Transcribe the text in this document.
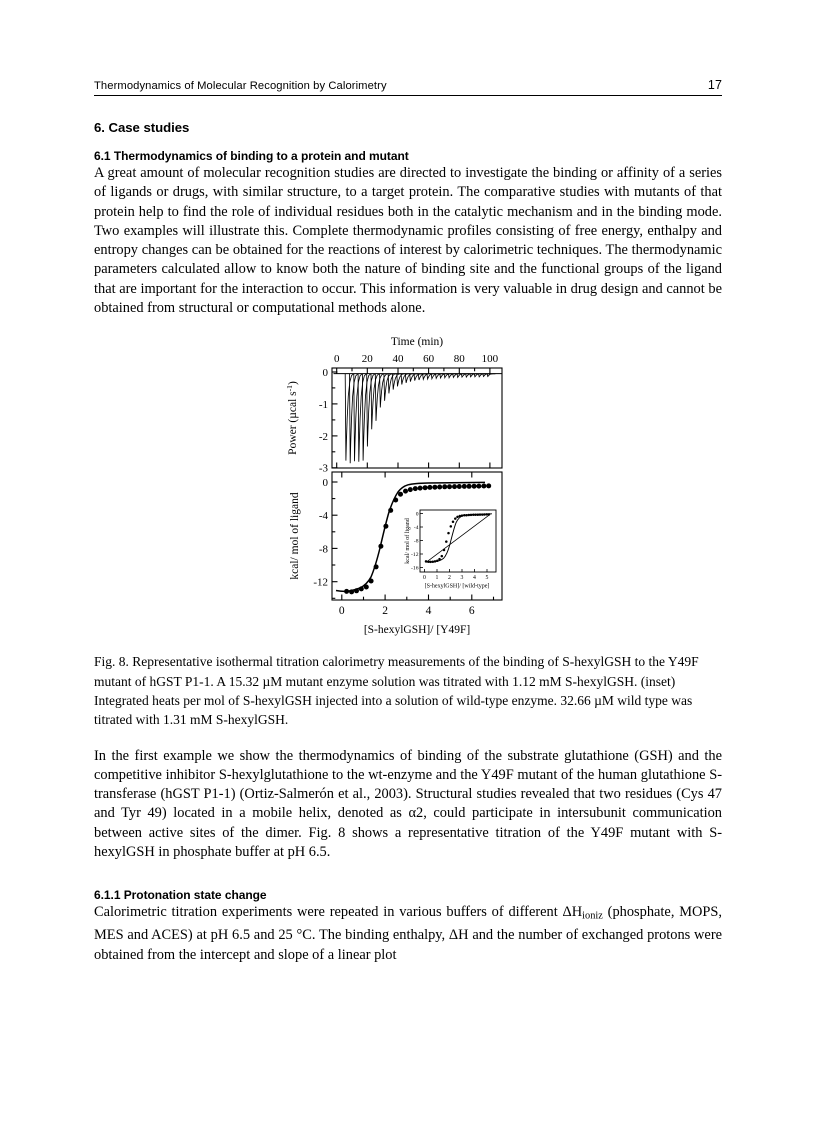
Thermodynamics of Molecular Recognition by Calorimetry	17
6. Case studies
6.1 Thermodynamics of binding to a protein and mutant

A great amount of molecular recognition studies are directed to investigate the binding or affinity of a series of ligands or drugs, with similar structure, to a target protein. The comparative studies with mutants of that protein help to find the role of individual residues both in the catalytic mechanism and in the binding mode. Two examples will illustrate this. Complete thermodynamic profiles consisting of free energy, enthalpy and entropy changes can be obtained for the reactions of interest by calorimetric techniques. The thermodynamic parameters calculated allow to know both the nature of binding site and the functional groups of the ligand that are important for the interaction to occur. This information is very valuable in drug design and cannot be obtained from structural or computational methods alone.

Time (min)
0 20 40 60 80 100
0
-1
-2
-3
Power (µcal $s^{-1}$)
0
-4
-8
-12
0	2	4	6
kcal/ mol of ligand
[S-hexylGSH]/ [Y49F]
0
-4
-8
-12
-16
0 1 2 3 4 5
[S-hexylGSH]/ [wild-type]
kcal/ mol of ligand

Fig. 8. Representative isothermal titration calorimetry measurements of the binding of S-hexylGSH to the Y49F mutant of hGST P1-1. A 15.32 µM mutant enzyme solution was titrated with 1.12 mM S-hexylGSH. (inset) Integrated heats per mol of S-hexylGSH injected into a solution of wild-type enzyme. 32.66 µM wild type was titrated with 1.31 mM S-hexylGSH.

In the first example we show the thermodynamics of binding of the substrate glutathione (GSH) and the competitive inhibitor S-hexylglutathione to the wt-enzyme and the Y49F mutant of the human glutathione S-transferase (hGST P1-1) (Ortiz-Salmerón et al., 2003). Structural studies revealed that two residues (Cys 47 and Tyr 49) located in a mobile helix, denoted as α2, could participate in intersubunit communication between active sites of the dimer. Fig. 8 shows a representative titration of the Y49F mutant with S-hexylGSH in phosphate buffer at pH 6.5.

6.1.1 Protonation state change

Calorimetric titration experiments were repeated in various buffers of different $\Delta H_{ioniz}$ (phosphate, MOPS, MES and ACES) at pH 6.5 and 25 °C. The binding enthalpy, ΔH and the number of exchanged protons were obtained from the intercept and slope of a linear plot
